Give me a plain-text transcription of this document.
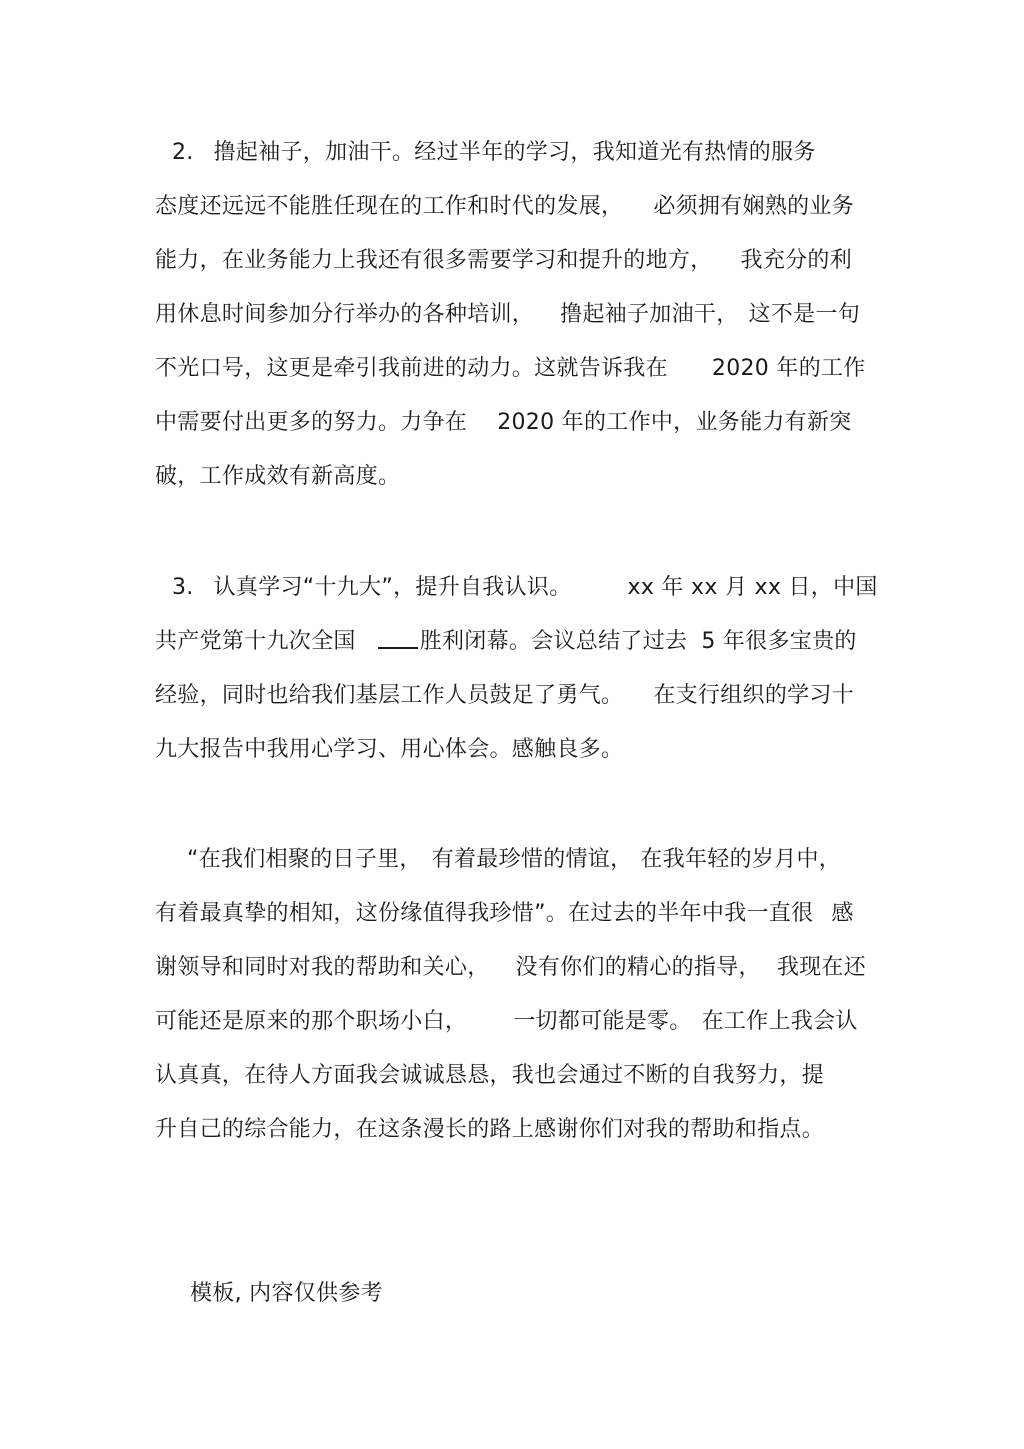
2. 撸起袖子，加油干。经过半年的学习，我知道光有热情的服务
态度还远远不能胜任现在的工作和时代的发展， 必须拥有娴熟的业务
能力，在业务能力上我还有很多需要学习和提升的地方， 我充分的利
用休息时间参加分行举办的各种培训， 撸起袖子加油干， 这不是一句
不光口号，这更是牵引我前进的动力。这就告诉我在 2020 年的工作
中需要付出更多的努力。力争在 2020 年的工作中，业务能力有新突
破，工作成效有新高度。
3. 认真学习“十九大”，提升自我认识。	xx 年 xx 月 xx 日，中国
共产党第十九次全国	胜利闭幕。会议总结了过去 5 年很多宝贵的
经验，同时也给我们基层工作人员鼓足了勇气。 在支行组织的学习十
九大报告中我用心学习、用心体会。感触良多。
“在我们相聚的日子里， 有着最珍惜的情谊， 在我年轻的岁月中，
有着最真挚的相知，这份缘值得我珍惜”。在过去的半年中我一直很 感
谢领导和同时对我的帮助和关心， 没有你们的精心的指导， 我现在还
可能还是原来的那个职场小白， 一切都可能是零。 在工作上我会认
认真真，在待人方面我会诚诚恳恳，我也会通过不断的自我努力，提
升自己的综合能力，在这条漫长的路上感谢你们对我的帮助和指点。
模板, 内容仅供参考
